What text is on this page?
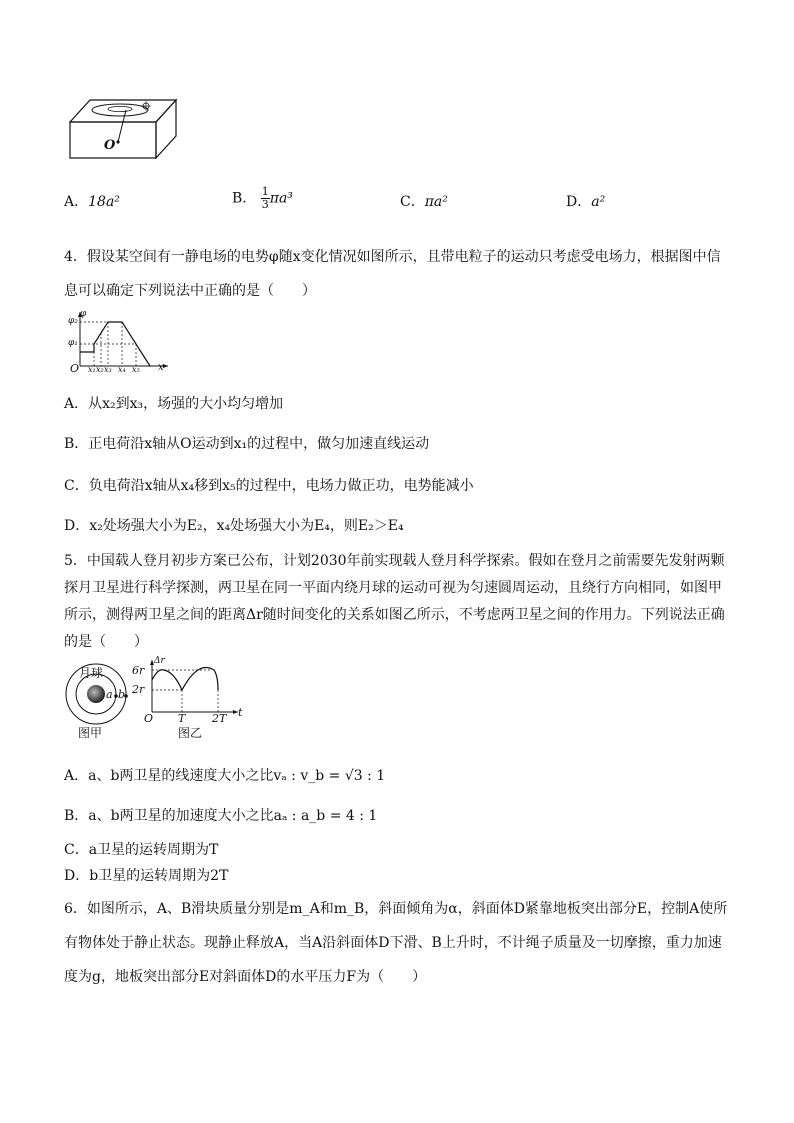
O
A．18a²	B． $\frac{1}{3} \pi a^3$	C．πa²	D．a²
4．假设某空间有一静电场的电势φ随x变化情况如图所示，且带电粒子的运动只考虑受电场力，根据图中信息可以确定下列说法中正确的是（　　）
φ
φ₂
φ₁
O x₁ x₂ x₃ x₄ x₅ x
A．从x₂到x₃，场强的大小均匀增加
B．正电荷沿x轴从O运动到x₁的过程中，做匀加速直线运动
C．负电荷沿x轴从x₄移到x₅的过程中，电场力做正功，电势能减小
D．x₂处场强大小为E₂，x₄处场强大小为E₄，则E₂＞E₄
5．中国载人登月初步方案已公布，计划2030年前实现载人登月科学探索。假如在登月之前需要先发射两颗探月卫星进行科学探测，两卫星在同一平面内绕月球的运动可视为匀速圆周运动，且绕行方向相同，如图甲所示，测得两卫星之间的距离Δr随时间变化的关系如图乙所示，不考虑两卫星之间的作用力。下列说法正确的是（　　）
月球
a b
图甲
Δr
6r
2r
O T 2T t
图乙
A．a、b两卫星的线速度大小之比vₐ : v_b = √3 : 1
B．a、b两卫星的加速度大小之比aₐ : a_b = 4 : 1
C．a卫星的运转周期为T
D．b卫星的运转周期为2T
6．如图所示，A、B滑块质量分别是m_A和m_B，斜面倾角为α，斜面体D紧靠地板突出部分E，控制A使所有物体处于静止状态。现静止释放A，当A沿斜面体D下滑、B上升时，不计绳子质量及一切摩擦，重力加速度为g，地板突出部分E对斜面体D的水平压力F为（　　）
